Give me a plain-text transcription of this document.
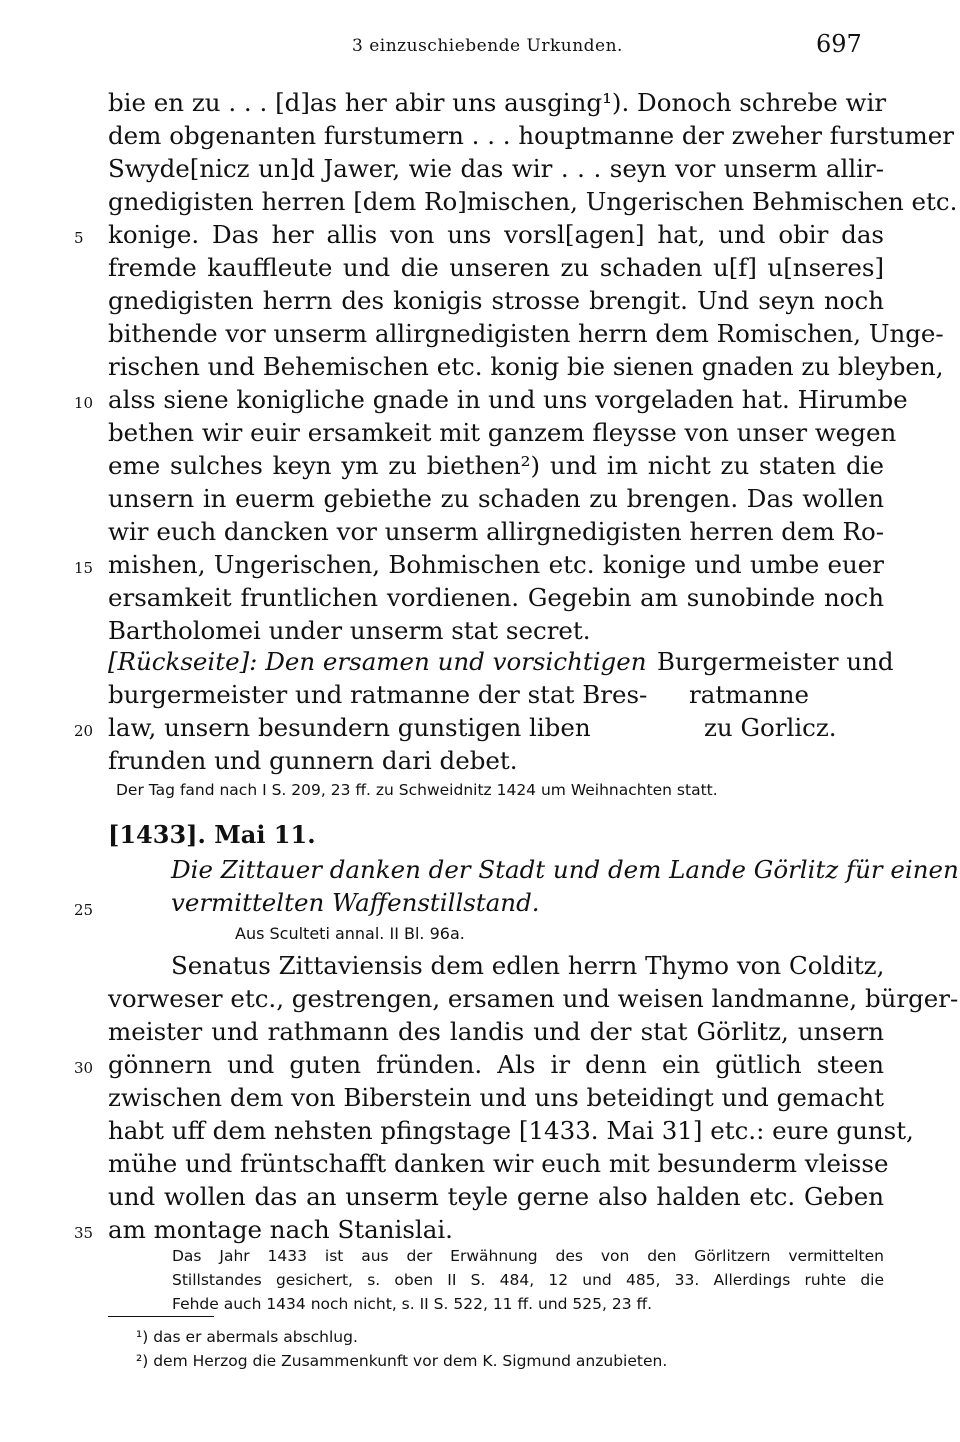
3 einzuschiebende Urkunden.	697
bie en zu . . . [d]as her abir uns ausging¹). Donoch schrebe wir
dem obgenanten furstumern . . . houptmanne der zweher furstumer
Swyde[nicz un]d Jawer, wie das wir . . . seyn vor unserm allir-
gnedigisten herren [dem Ro]mischen, Ungerischen Behmischen etc.
konige. Das her allis von uns vorsl[agen] hat, und obir das
fremde kauffleute und die unseren zu schaden u[f] u[nseres]
gnedigisten herrn des konigis strosse brengit. Und seyn noch
bithende vor unserm allirgnedigisten herrn dem Romischen, Unge-
rischen und Behemischen etc. konig bie sienen gnaden zu bleyben,
alss siene konigliche gnade in und uns vorgeladen hat. Hirumbe
bethen wir euir ersamkeit mit ganzem fleysse von unser wegen
eme sulches keyn ym zu biethen²) und im nicht zu staten die
unsern in euerm gebiethe zu schaden zu brengen. Das wollen
wir euch dancken vor unserm allirgnedigisten herren dem Ro-
mishen, Ungerischen, Bohmischen etc. konige und umbe euer
ersamkeit fruntlichen vordienen. Gegebin am sunobinde noch
Bartholomei under unserm stat secret.
5
10
15
[Rückseite]: Den ersamen und vorsichtigen
burgermeister und ratmanne der stat Bres-
law, unsern besundern gunstigen liben
frunden und gunnern dari debet.
20
Burgermeister und
ratmanne
zu Gorlicz.
Der Tag fand nach I S. 209, 23 ff. zu Schweidnitz 1424 um Weihnachten statt.
[1433]. Mai 11.
Die Zittauer danken der Stadt und dem Lande Görlitz für einen
vermittelten Waffenstillstand.
25
Aus Sculteti annal. II Bl. 96a.
Senatus Zittaviensis dem edlen herrn Thymo von Colditz,
vorweser etc., gestrengen, ersamen und weisen landmanne, bürger-
meister und rathmann des landis und der stat Görlitz, unsern
gönnern und guten fründen. Als ir denn ein gütlich steen
zwischen dem von Biberstein und uns beteidingt und gemacht
habt uff dem nehsten pfingstage [1433. Mai 31] etc.: eure gunst,
mühe und früntschafft danken wir euch mit besunderm vleisse
und wollen das an unserm teyle gerne also halden etc. Geben
am montage nach Stanislai.
30
35
Das Jahr 1433 ist aus der Erwähnung des von den Görlitzern vermittelten
Stillstandes gesichert, s. oben II S. 484, 12 und 485, 33. Allerdings ruhte die
Fehde auch 1434 noch nicht, s. II S. 522, 11 ff. und 525, 23 ff.
¹) das er abermals abschlug.
²) dem Herzog die Zusammenkunft vor dem K. Sigmund anzubieten.
